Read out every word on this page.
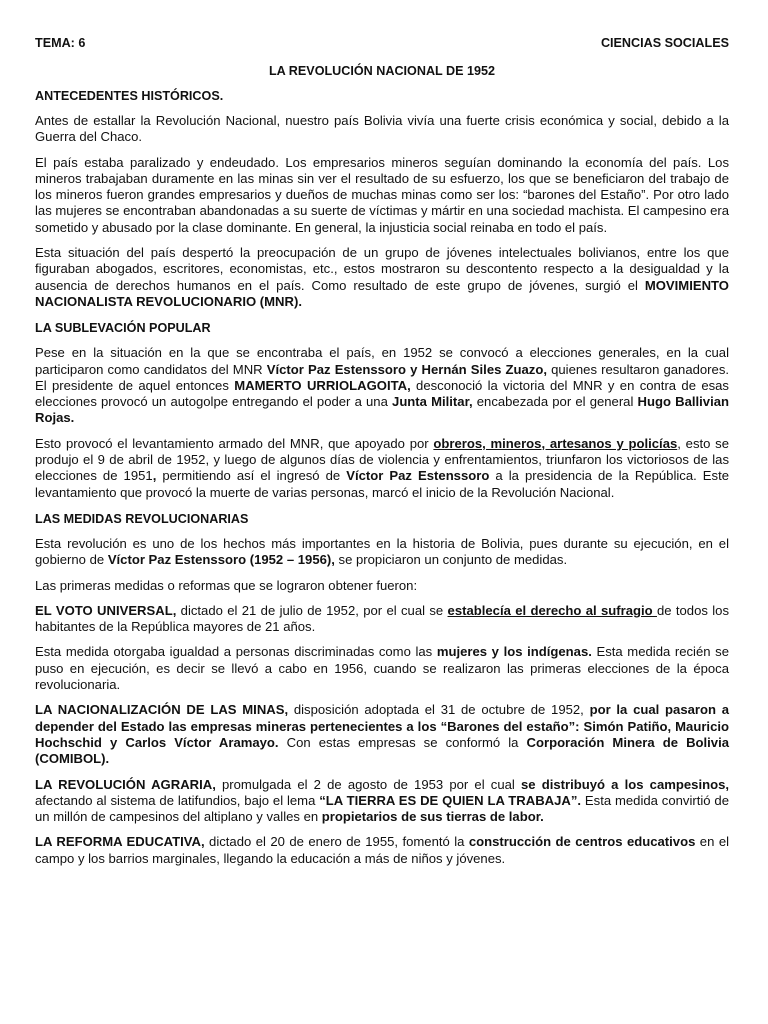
TEMA: 6	CIENCIAS SOCIALES
LA REVOLUCIÓN NACIONAL DE 1952
ANTECEDENTES HISTÓRICOS.

Antes de estallar la Revolución Nacional, nuestro país Bolivia vivía una fuerte crisis económica y social, debido a la Guerra del Chaco.

El país estaba paralizado y endeudado. Los empresarios mineros seguían dominando la economía del país. Los mineros trabajaban duramente en las minas sin ver el resultado de su esfuerzo, los que se beneficiaron del trabajo de los mineros fueron grandes empresarios y dueños de muchas minas como ser los: “barones del Estaño”. Por otro lado las mujeres se encontraban abandonadas a su suerte de víctimas y mártir en una sociedad machista. El campesino era sometido y abusado por la clase dominante. En general, la injusticia social reinaba en todo el país.

Esta situación del país despertó la preocupación de un grupo de jóvenes intelectuales bolivianos, entre los que figuraban abogados, escritores, economistas, etc., estos mostraron su descontento respecto a la desigualdad y la ausencia de derechos humanos en el país. Como resultado de este grupo de jóvenes, surgió el MOVIMIENTO NACIONALISTA REVOLUCIONARIO (MNR).

LA SUBLEVACIÓN POPULAR

Pese en la situación en la que se encontraba el país, en 1952 se convocó a elecciones generales, en la cual participaron como candidatos del MNR Víctor Paz Estenssoro y Hernán Siles Zuazo, quienes resultaron ganadores. El presidente de aquel entonces MAMERTO URRIOLAGOITA, desconoció la victoria del MNR y en contra de esas elecciones provocó un autogolpe entregando el poder a una Junta Militar, encabezada por el general Hugo Ballivian Rojas.

Esto provocó el levantamiento armado del MNR, que apoyado por obreros, mineros, artesanos y policías, esto se produjo el 9 de abril de 1952, y luego de algunos días de violencia y enfrentamientos, triunfaron los victoriosos de las elecciones de 1951, permitiendo así el ingresó de Víctor Paz Estenssoro a la presidencia de la República. Este levantamiento que provocó la muerte de varias personas, marcó el inicio de la Revolución Nacional.

LAS MEDIDAS REVOLUCIONARIAS

Esta revolución es uno de los hechos más importantes en la historia de Bolivia, pues durante su ejecución, en el gobierno de Víctor Paz Estenssoro (1952 – 1956), se propiciaron un conjunto de medidas.

Las primeras medidas o reformas que se lograron obtener fueron:

EL VOTO UNIVERSAL, dictado el 21 de julio de 1952, por el cual se establecía el derecho al sufragio de todos los habitantes de la República mayores de 21 años.

Esta medida otorgaba igualdad a personas discriminadas como las mujeres y los indígenas. Esta medida recién se puso en ejecución, es decir se llevó a cabo en 1956, cuando se realizaron las primeras elecciones de la época revolucionaria.

LA NACIONALIZACIÓN DE LAS MINAS, disposición adoptada el 31 de octubre de 1952, por la cual pasaron a depender del Estado las empresas mineras pertenecientes a los “Barones del estaño”: Simón Patiño, Mauricio Hochschid y Carlos Víctor Aramayo. Con estas empresas se conformó la Corporación Minera de Bolivia (COMIBOL).

LA REVOLUCIÓN AGRARIA, promulgada el 2 de agosto de 1953 por el cual se distribuyó a los campesinos, afectando al sistema de latifundios, bajo el lema “LA TIERRA ES DE QUIEN LA TRABAJA”. Esta medida convirtió de un millón de campesinos del altiplano y valles en propietarios de sus tierras de labor.

LA REFORMA EDUCATIVA, dictado el 20 de enero de 1955, fomentó la construcción de centros educativos en el campo y los barrios marginales, llegando la educación a más de niños y jóvenes.
